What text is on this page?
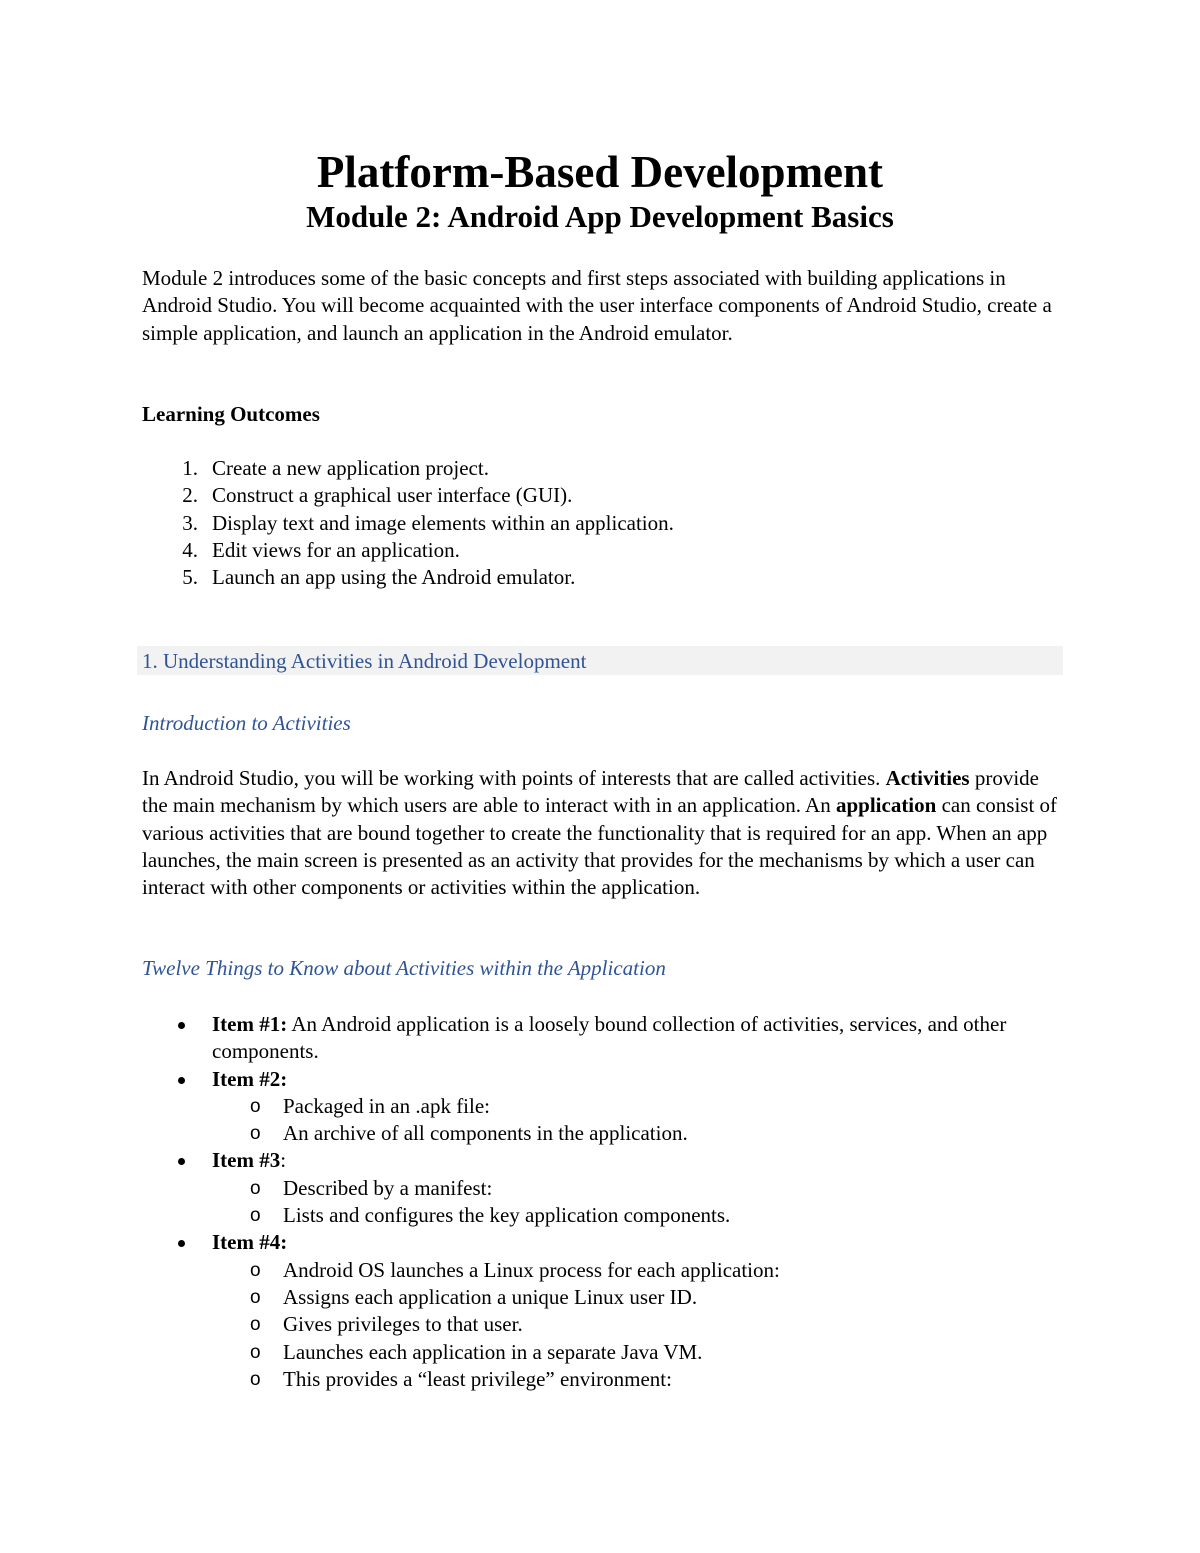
Platform-Based Development
Module 2: Android App Development Basics

Module 2 introduces some of the basic concepts and first steps associated with building applications in Android Studio. You will become acquainted with the user interface components of Android Studio, create a simple application, and launch an application in the Android emulator.

Learning Outcomes
1. Create a new application project.
2. Construct a graphical user interface (GUI).
3. Display text and image elements within an application.
4. Edit views for an application.
5. Launch an app using the Android emulator.
1. Understanding Activities in Android Development
Introduction to Activities

In Android Studio, you will be working with points of interests that are called activities. Activities provide the main mechanism by which users are able to interact with in an application. An application can consist of various activities that are bound together to create the functionality that is required for an app. When an app launches, the main screen is presented as an activity that provides for the mechanisms by which a user can interact with other components or activities within the application.

Twelve Things to Know about Activities within the Application
Item #1: An Android application is a loosely bound collection of activities, services, and other components.
Item #2:
o Packaged in an .apk file:
o An archive of all components in the application.
Item #3:
o Described by a manifest:
o Lists and configures the key application components.
Item #4:
o Android OS launches a Linux process for each application:
o Assigns each application a unique Linux user ID.
o Gives privileges to that user.
o Launches each application in a separate Java VM.
o This provides a “least privilege” environment:
